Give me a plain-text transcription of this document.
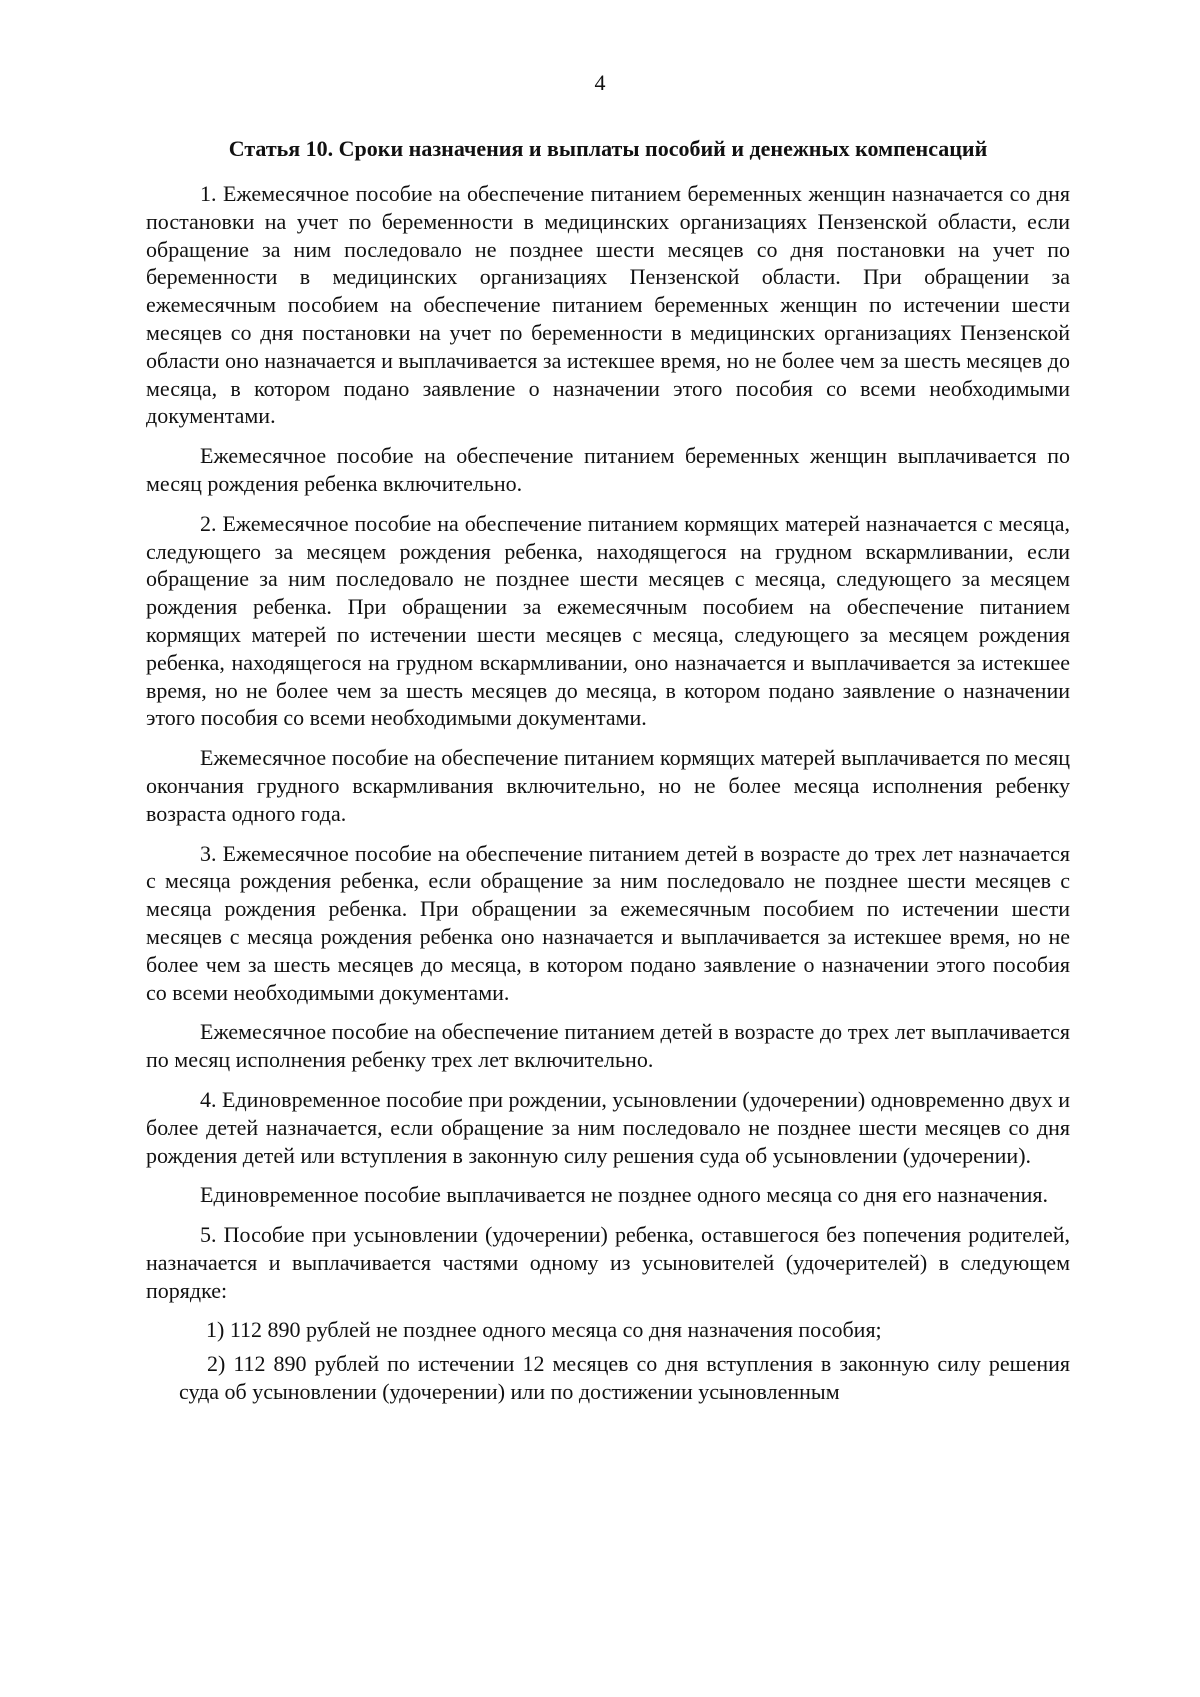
4
Статья 10. Сроки назначения и выплаты пособий и денежных компенсаций

1. Ежемесячное пособие на обеспечение питанием беременных женщин назначается со дня постановки на учет по беременности в медицинских организациях Пензенской области, если обращение за ним последовало не позднее шести месяцев со дня постановки на учет по беременности в медицинских организациях Пензенской области. При обращении за ежемесячным пособием на обеспечение питанием беременных женщин по истечении шести месяцев со дня постановки на учет по беременности в медицинских организациях Пензенской области оно назначается и выплачивается за истекшее время, но не более чем за шесть месяцев до месяца, в котором подано заявление о назначении этого пособия со всеми необходимыми документами.

Ежемесячное пособие на обеспечение питанием беременных женщин выплачивается по месяц рождения ребенка включительно.

2. Ежемесячное пособие на обеспечение питанием кормящих матерей назначается с месяца, следующего за месяцем рождения ребенка, находящегося на грудном вскармливании, если обращение за ним последовало не позднее шести месяцев с месяца, следующего за месяцем рождения ребенка. При обращении за ежемесячным пособием на обеспечение питанием кормящих матерей по истечении шести месяцев с месяца, следующего за месяцем рождения ребенка, находящегося на грудном вскармливании, оно назначается и выплачивается за истекшее время, но не более чем за шесть месяцев до месяца, в котором подано заявление о назначении этого пособия со всеми необходимыми документами.

Ежемесячное пособие на обеспечение питанием кормящих матерей выплачивается по месяц окончания грудного вскармливания включительно, но не более месяца исполнения ребенку возраста одного года.

3. Ежемесячное пособие на обеспечение питанием детей в возрасте до трех лет назначается с месяца рождения ребенка, если обращение за ним последовало не позднее шести месяцев с месяца рождения ребенка. При обращении за ежемесячным пособием по истечении шести месяцев с месяца рождения ребенка оно назначается и выплачивается за истекшее время, но не более чем за шесть месяцев до месяца, в котором подано заявление о назначении этого пособия со всеми необходимыми документами.

Ежемесячное пособие на обеспечение питанием детей в возрасте до трех лет выплачивается по месяц исполнения ребенку трех лет включительно.

4. Единовременное пособие при рождении, усыновлении (удочерении) одновременно двух и более детей назначается, если обращение за ним последовало не позднее шести месяцев со дня рождения детей или вступления в законную силу решения суда об усыновлении (удочерении).

Единовременное пособие выплачивается не позднее одного месяца со дня его назначения.

5. Пособие при усыновлении (удочерении) ребенка, оставшегося без попечения родителей, назначается и выплачивается частями одному из усыновителей (удочерителей) в следующем порядке:

1) 112 890 рублей не позднее одного месяца со дня назначения пособия;

2) 112 890 рублей по истечении 12 месяцев со дня вступления в законную силу решения суда об усыновлении (удочерении) или по достижении усыновленным
